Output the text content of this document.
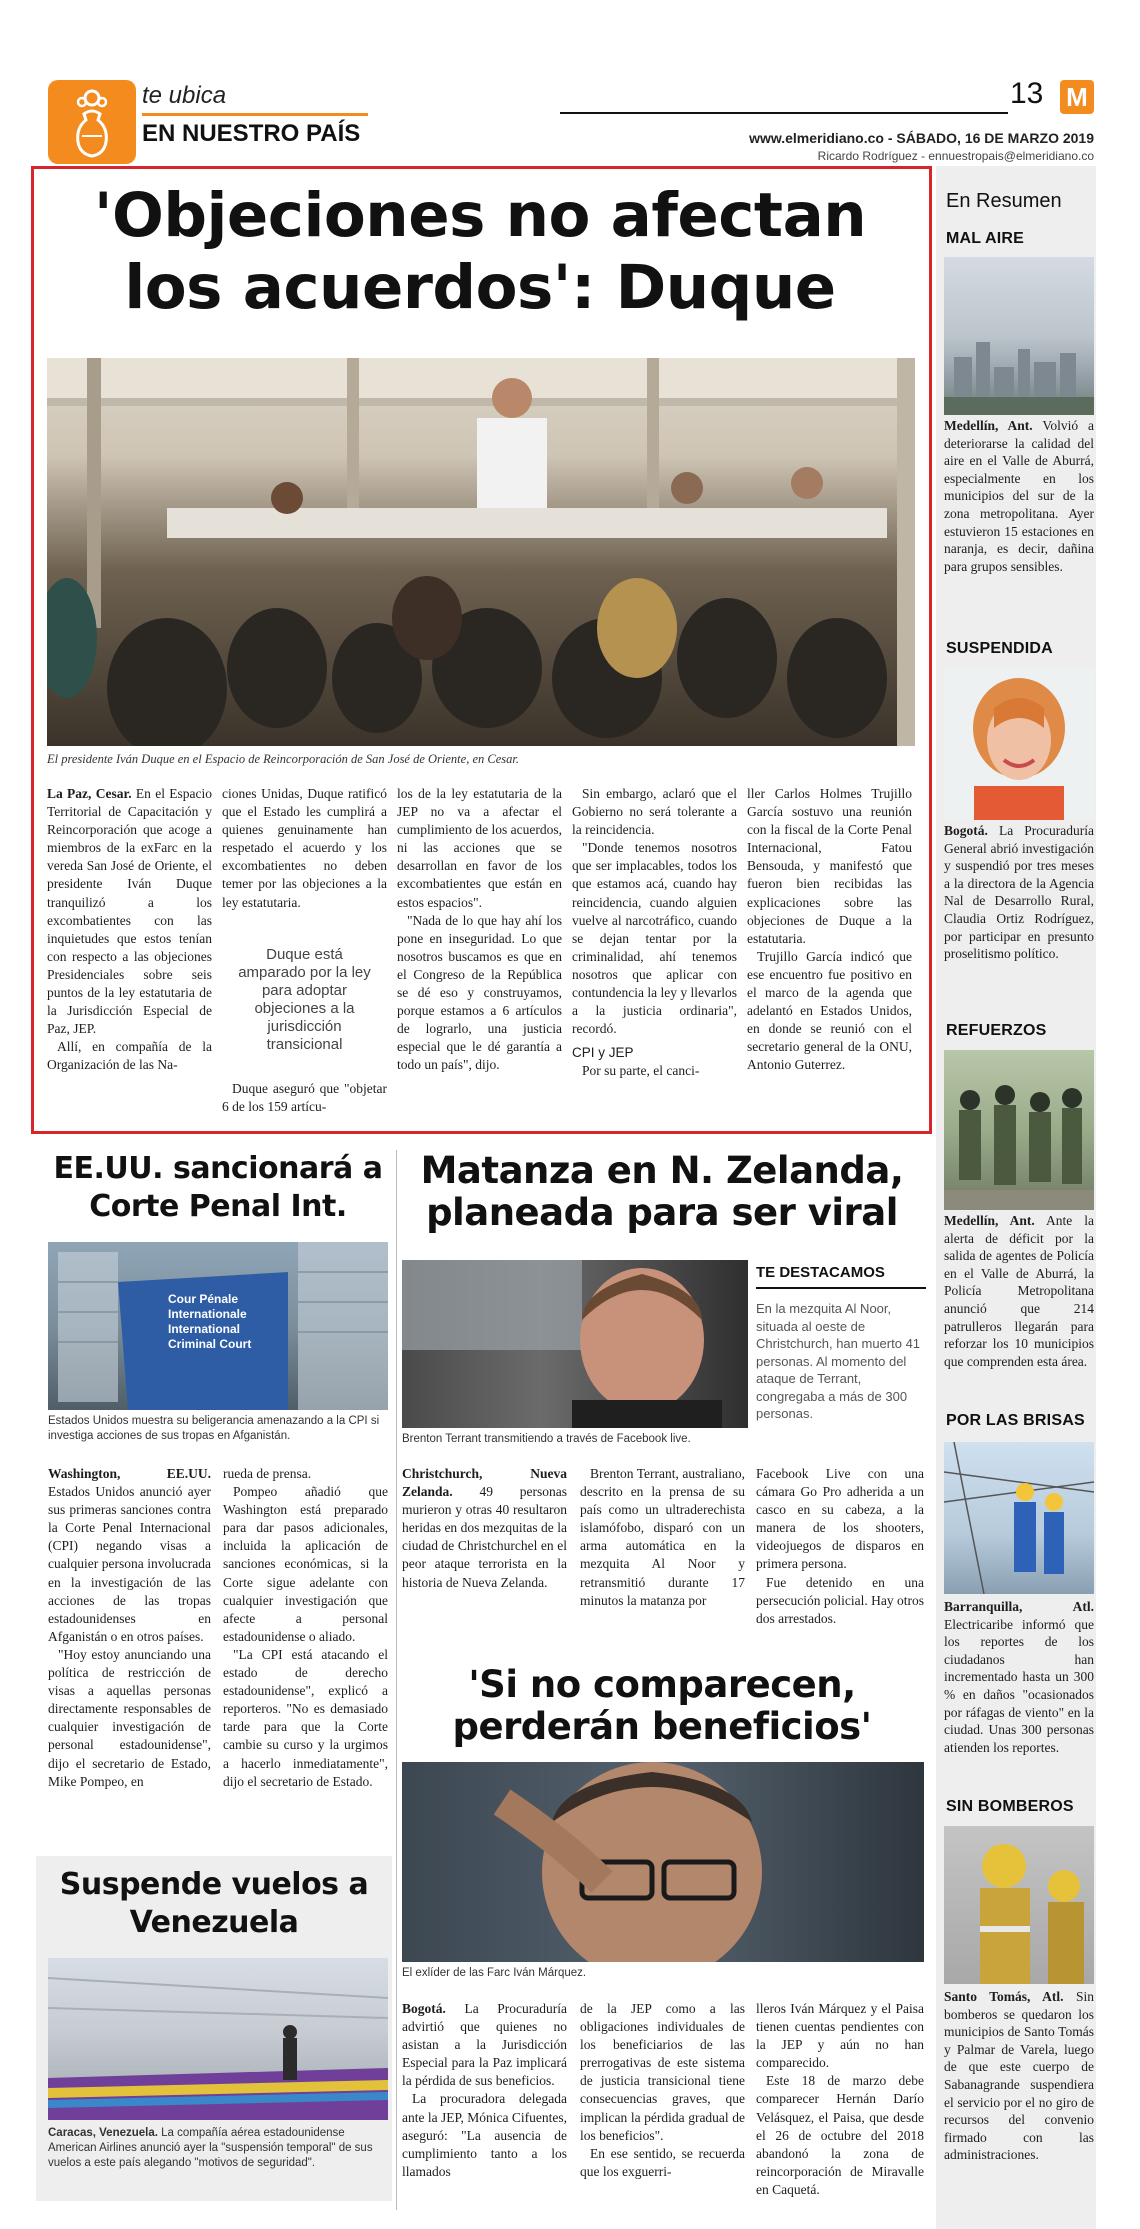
te ubica
EN NUESTRO PAÍS
13 M
www.elmeridiano.co - SÁBADO, 16 DE MARZO 2019
Ricardo Rodríguez - ennuestropais@elmeridiano.co
'Objeciones no afectan los acuerdos': Duque
El presidente Iván Duque en el Espacio de Reincorporación de San José de Oriente, en Cesar.

La Paz, Cesar. En el Espacio Territorial de Capacitación y Reincorporación que acoge a miembros de la exFarc en la vereda San José de Oriente, el presidente Iván Duque tranquilizó a los excombatientes con las inquietudes que estos tenían con respecto a las objeciones Presidenciales sobre seis puntos de la ley estatutaria de la Jurisdicción Especial de Paz, JEP.

Allí, en compañía de la Organización de las Na-

ciones Unidas, Duque ratificó que el Estado les cumplirá a quienes genuinamente han respetado el acuerdo y los excombatientes no deben temer por las objeciones a la ley estatutaria.

Duque está amparado por la ley para adoptar objeciones a la jurisdicción transicional

Duque aseguró que "objetar 6 de los 159 artícu-

los de la ley estatutaria de la JEP no va a afectar el cumplimiento de los acuerdos, ni las acciones que se desarrollan en favor de los excombatientes que están en estos espacios".

"Nada de lo que hay ahí los pone en inseguridad. Lo que nosotros buscamos es que en el Congreso de la República se dé eso y construyamos, porque estamos a 6 artículos de lograrlo, una justicia especial que le dé garantía a todo un país", dijo.

Sin embargo, aclaró que el Gobierno no será tolerante a la reincidencia.

"Donde tenemos nosotros que ser implacables, todos los que estamos acá, cuando hay reincidencia, cuando alguien vuelve al narcotráfico, cuando se dejan tentar por la criminalidad, ahí tenemos nosotros que aplicar con contundencia la ley y llevarlos a la justicia ordinaria", recordó.

CPI y JEP

Por su parte, el canci-

ller Carlos Holmes Trujillo García sostuvo una reunión con la fiscal de la Corte Penal Internacional, Fatou Bensouda, y manifestó que fueron bien recibidas las explicaciones sobre las objeciones de Duque a la estatutaria.

Trujillo García indicó que ese encuentro fue positivo en el marco de la agenda que adelantó en Estados Unidos, en donde se reunió con el secretario general de la ONU, Antonio Guterrez.

En Resumen
MAL AIRE
Medellín, Ant. Volvió a deteriorarse la calidad del aire en el Valle de Aburrá, especialmente en los municipios del sur de la zona metropolitana. Ayer estuvieron 15 estaciones en naranja, es decir, dañina para grupos sensibles.
SUSPENDIDA
Bogotá. La Procuraduría General abrió investigación y suspendió por tres meses a la directora de la Agencia Nal de Desarrollo Rural, Claudia Ortiz Rodríguez, por participar en presunto proselitismo político.
REFUERZOS
Medellín, Ant. Ante la alerta de déficit por la salida de agentes de Policía en el Valle de Aburrá, la Policía Metropolitana anunció que 214 patrulleros llegarán para reforzar los 10 municipios que comprenden esta área.
POR LAS BRISAS
Barranquilla, Atl. Electricaribe informó que los reportes de los ciudadanos han incrementado hasta un 300 % en daños "ocasionados por ráfagas de viento" en la ciudad. Unas 300 personas atienden los reportes.
SIN BOMBEROS
Santo Tomás, Atl. Sin bomberos se quedaron los municipios de Santo Tomás y Palmar de Varela, luego de que este cuerpo de Sabanagrande suspendiera el servicio por el no giro de recursos del convenio firmado con las administraciones.
EE.UU. sancionará a Corte Penal Int.
Cour Pénale Internationale International Criminal Court
Estados Unidos muestra su beligerancia amenazando a la CPI si investiga acciones de sus tropas en Afganistán.

Washington, EE.UU. Estados Unidos anunció ayer sus primeras sanciones contra la Corte Penal Internacional (CPI) negando visas a cualquier persona involucrada en la investigación de las acciones de las tropas estadounidenses en Afganistán o en otros países.

"Hoy estoy anunciando una política de restricción de visas a aquellas personas directamente responsables de cualquier investigación de personal estadounidense", dijo el secretario de Estado, Mike Pompeo, en

rueda de prensa.

Pompeo añadió que Washington está preparado para dar pasos adicionales, incluida la aplicación de sanciones económicas, si la Corte sigue adelante con cualquier investigación que afecte a personal estadounidense o aliado.

"La CPI está atacando el estado de derecho estadounidense", explicó a reporteros. "No es demasiado tarde para que la Corte cambie su curso y la urgimos a hacerlo inmediatamente", dijo el secretario de Estado.

Suspende vuelos a Venezuela
Caracas, Venezuela. La compañía aérea estadounidense American Airlines anunció ayer la "suspensión temporal" de sus vuelos a este país alegando "motivos de seguridad".
Matanza en N. Zelanda, planeada para ser viral
Brenton Terrant transmitiendo a través de Facebook live.
TE DESTACAMOS
En la mezquita Al Noor, situada al oeste de Christchurch, han muerto 41 personas. Al momento del ataque de Terrant, congregaba a más de 300 personas.

Christchurch, Nueva Zelanda. 49 personas murieron y otras 40 resultaron heridas en dos mezquitas de la ciudad de Christchurchel en el peor ataque terrorista en la historia de Nueva Zelanda.

Brenton Terrant, australiano, descrito en la prensa de su país como un ultraderechista islamófobo, disparó con un arma automática en la mezquita Al Noor y retransmitió durante 17 minutos la matanza por

Facebook Live con una cámara Go Pro adherida a un casco en su cabeza, a la manera de los shooters, videojuegos de disparos en primera persona.

Fue detenido en una persecución policial. Hay otros dos arrestados.

'Si no comparecen, perderán beneficios'
El exlíder de las Farc Iván Márquez.

Bogotá. La Procuraduría advirtió que quienes no asistan a la Jurisdicción Especial para la Paz implicará la pérdida de sus beneficios.

La procuradora delegada ante la JEP, Mónica Cifuentes, aseguró: "La ausencia de cumplimiento tanto a los llamados

de la JEP como a las obligaciones individuales de los beneficiarios de las prerrogativas de este sistema de justicia transicional tiene consecuencias graves, que implican la pérdida gradual de los beneficios".

En ese sentido, se recuerda que los exguerri-

lleros Iván Márquez y el Paisa tienen cuentas pendientes con la JEP y aún no han comparecido.

Este 18 de marzo debe comparecer Hernán Darío Velásquez, el Paisa, que desde el 26 de octubre del 2018 abandonó la zona de reincorporación de Miravalle en Caquetá.
